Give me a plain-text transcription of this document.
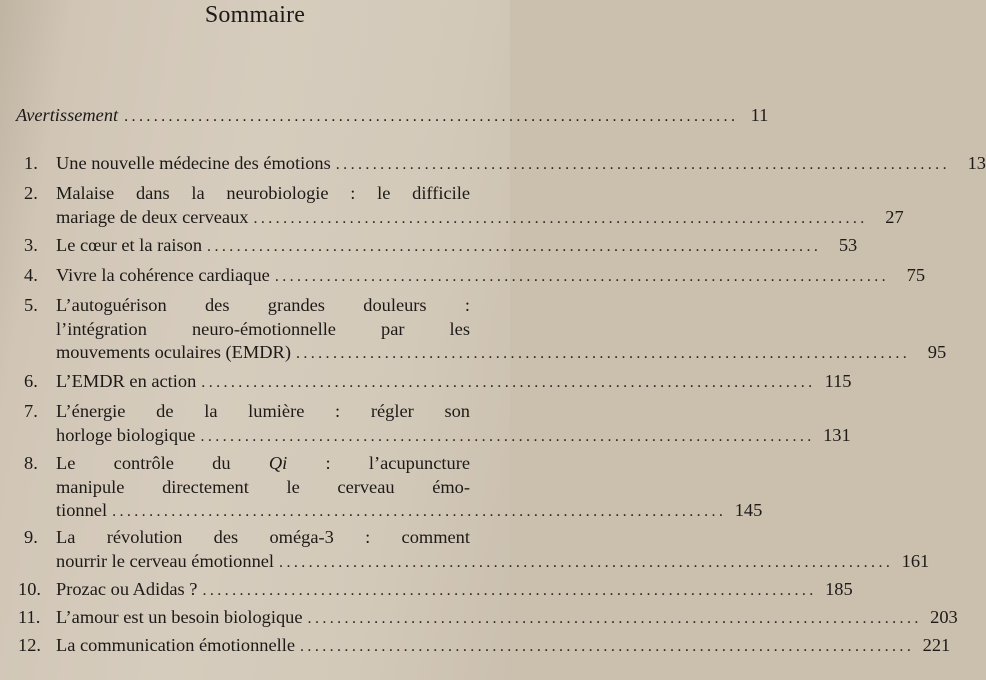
Sommaire
Avertissement ................................................................................... 11
1. Une nouvelle médecine des émotions ................................................................................... 13
2. Malaise dans la neurobiologie : le difficile
mariage de deux cerveaux ................................................................................... 27
3. Le cœur et la raison ................................................................................... 53
4. Vivre la cohérence cardiaque ................................................................................... 75
5. L’autoguérison des grandes douleurs :
l’intégration neuro-émotionnelle par les
mouvements oculaires (EMDR) ................................................................................... 95
6. L’EMDR en action ................................................................................... 115
7. L’énergie de la lumière : régler son
horloge biologique ................................................................................... 131
8. Le contrôle du Qi : l’acupuncture
manipule directement le cerveau émo-
tionnel ................................................................................... 145
9. La révolution des oméga-3 : comment
nourrir le cerveau émotionnel ................................................................................... 161
10. Prozac ou Adidas ? ................................................................................... 185
11. L’amour est un besoin biologique ................................................................................... 203
12. La communication émotionnelle ................................................................................... 221
